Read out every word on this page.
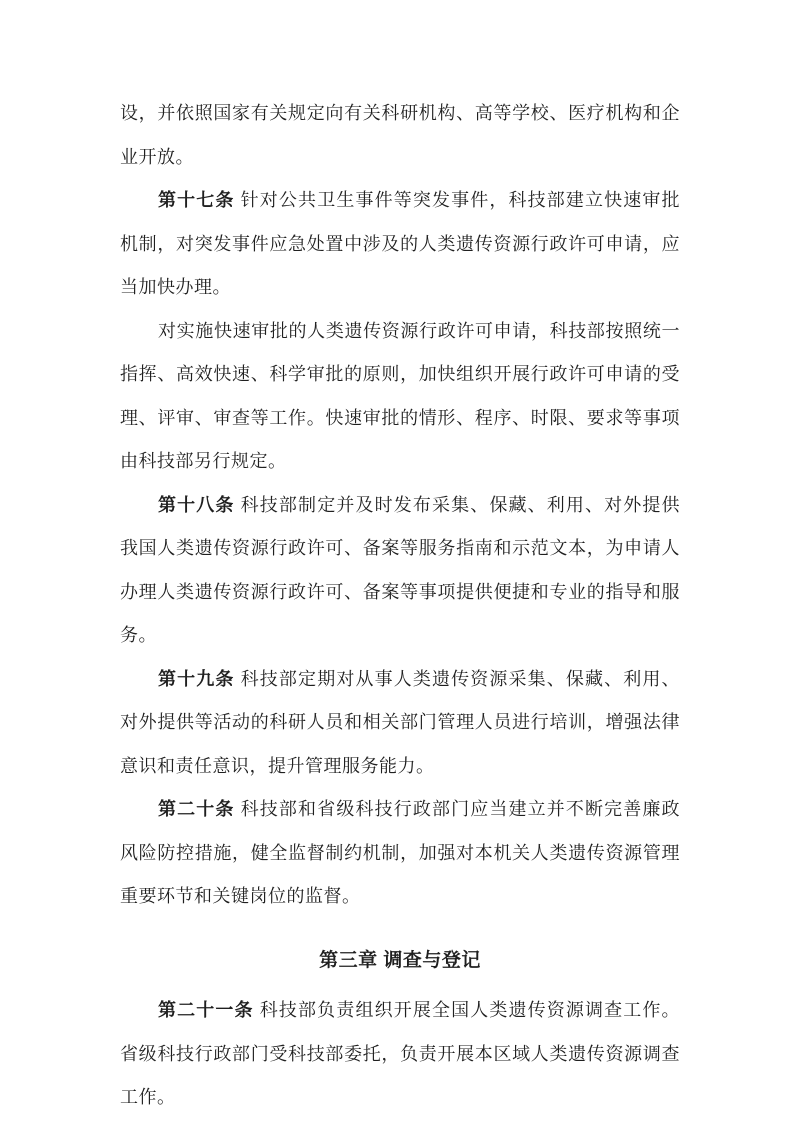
设，并依照国家有关规定向有关科研机构、高等学校、医疗机构和企业开放。

第十七条 针对公共卫生事件等突发事件，科技部建立快速审批机制，对突发事件应急处置中涉及的人类遗传资源行政许可申请，应当加快办理。

对实施快速审批的人类遗传资源行政许可申请，科技部按照统一指挥、高效快速、科学审批的原则，加快组织开展行政许可申请的受理、评审、审查等工作。快速审批的情形、程序、时限、要求等事项由科技部另行规定。

第十八条 科技部制定并及时发布采集、保藏、利用、对外提供我国人类遗传资源行政许可、备案等服务指南和示范文本，为申请人办理人类遗传资源行政许可、备案等事项提供便捷和专业的指导和服务。

第十九条 科技部定期对从事人类遗传资源采集、保藏、利用、对外提供等活动的科研人员和相关部门管理人员进行培训，增强法律意识和责任意识，提升管理服务能力。

第二十条 科技部和省级科技行政部门应当建立并不断完善廉政风险防控措施，健全监督制约机制，加强对本机关人类遗传资源管理重要环节和关键岗位的监督。

第三章 调查与登记

第二十一条 科技部负责组织开展全国人类遗传资源调查工作。省级科技行政部门受科技部委托，负责开展本区域人类遗传资源调查工作。
